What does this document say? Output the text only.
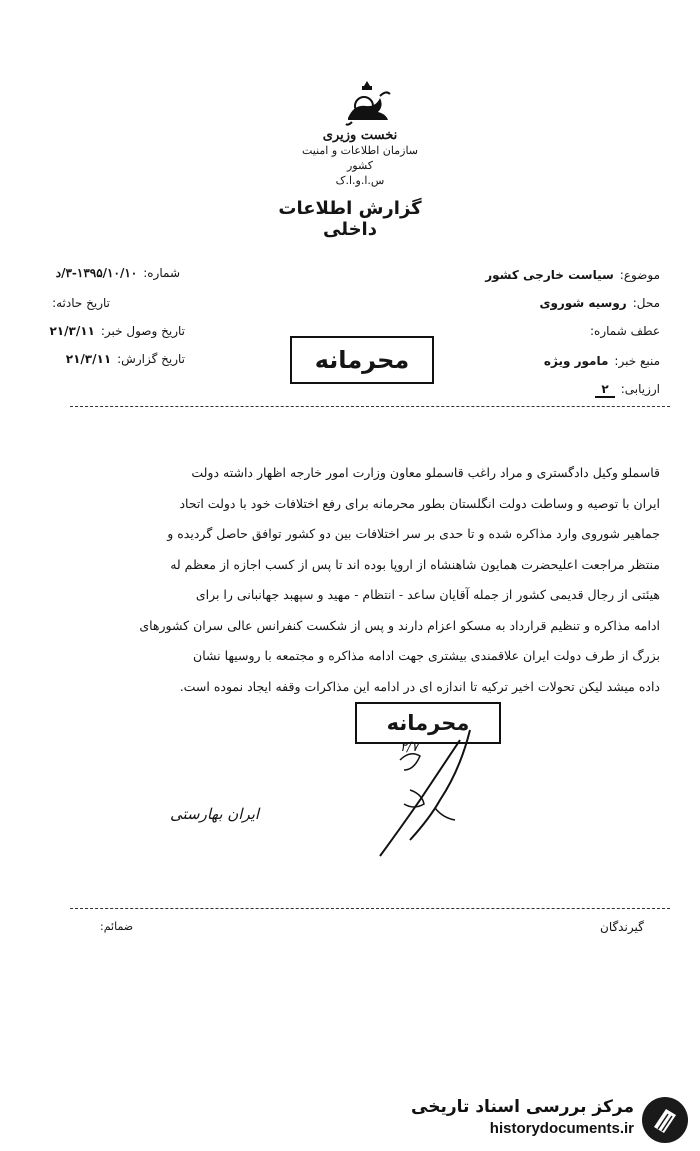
نخست وزیری
سازمان اطلاعات و امنیت کشور
س.ا.و.ا.ک
گزارش اطلاعات داخلی
شماره:۱۳۹۵/۱۰/۱۰-۳/د
تاریخ حادثه:
تاریخ وصول خبر:۲۱/۳/۱۱
تاریخ گزارش:۲۱/۳/۱۱
موضوع:سیاست خارجی کشور
محل:روسیه شوروی
عطف شماره:
منبع خبر:مامور ویژه
ارزیابی:۲
محرمانه
قاسملو وکیل دادگستری و مراد راغب قاسملو معاون وزارت امور خارجه اظهار داشته دولت
ایران با توصیه و وساطت دولت انگلستان بطور محرمانه برای رفع اختلافات خود با دولت اتحاد
جماهیر شوروی وارد مذاکره شده و تا حدی بر سر اختلافات بین دو کشور توافق حاصل گردیده و
منتظر مراجعت اعلیحضرت همایون شاهنشاه از اروپا بوده اند تا پس از کسب اجازه از معظم له
هیئتی از رجال قدیمی کشور از جمله آقایان ساعد - انتظام - مهید و سپهبد جهانبانی را برای
ادامه مذاکره و تنظیم قرارداد به مسکو اعزام دارند و پس از شکست کنفرانس عالی سران کشورهای
بزرگ از طرف دولت ایران علاقمندی بیشتری جهت ادامه مذاکره و مجتمعه با روسیها نشان
داده میشد لیکن تحولات اخیر ترکیه تا اندازه ای در ادامه این مذاکرات وقفه ایجاد نموده است.
محرمانه
۲/۷
ایران بهارستی
گیرندگان
ضمائم:
مرکز بررسی اسناد تاریخی
historydocuments.ir
